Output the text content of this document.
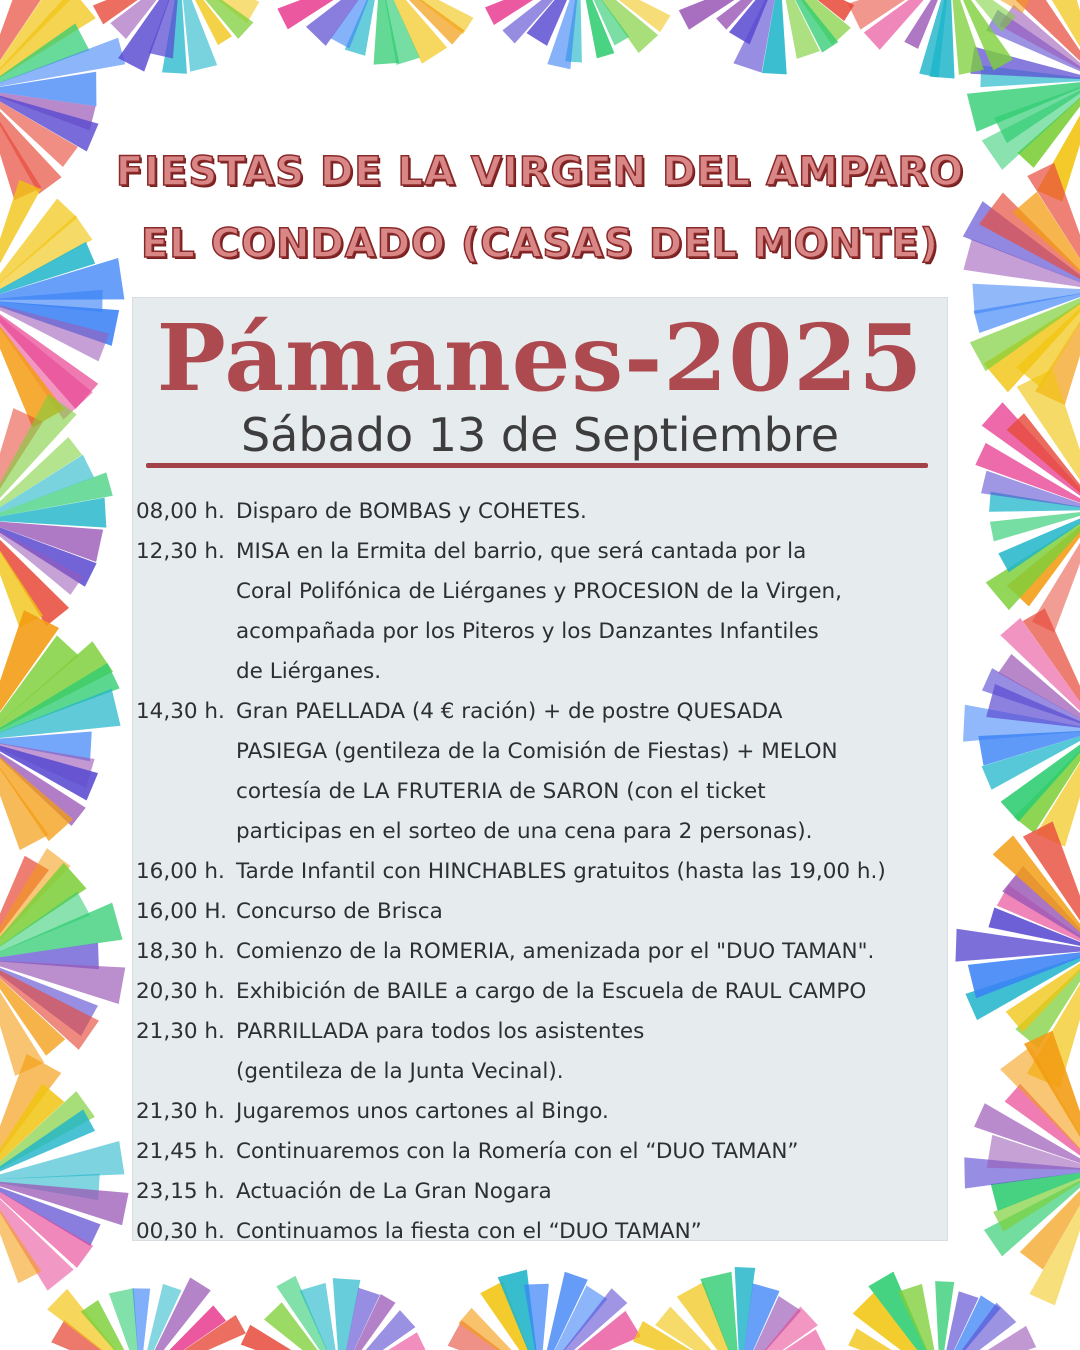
FIESTAS DE LA VIRGEN DEL AMPARO
EL CONDADO (CASAS DEL MONTE)
Pámanes-2025
Sábado 13 de Septiembre
08,00 h. Disparo de BOMBAS y COHETES.
12,30 h. MISA en la Ermita del barrio, que será cantada por la
Coral Polifónica de Liérganes y PROCESION de la Virgen,
acompañada por los Piteros y los Danzantes Infantiles
de Liérganes.
14,30 h. Gran PAELLADA (4 € ración) + de postre QUESADA
PASIEGA (gentileza de la Comisión de Fiestas) + MELON
cortesía de LA FRUTERIA de SARON (con el ticket
participas en el sorteo de una cena para 2 personas).
16,00 h. Tarde Infantil con HINCHABLES gratuitos (hasta las 19,00 h.)
16,00 H. Concurso de Brisca
18,30 h. Comienzo de la ROMERIA, amenizada por el "DUO TAMAN".
20,30 h. Exhibición de BAILE a cargo de la Escuela de RAUL CAMPO
21,30 h. PARRILLADA para todos los asistentes
(gentileza de la Junta Vecinal).
21,30 h. Jugaremos unos cartones al Bingo.
21,45 h. Continuaremos con la Romería con el “DUO TAMAN”
23,15 h. Actuación de La Gran Nogara
00,30 h. Continuamos la fiesta con el “DUO TAMAN”
